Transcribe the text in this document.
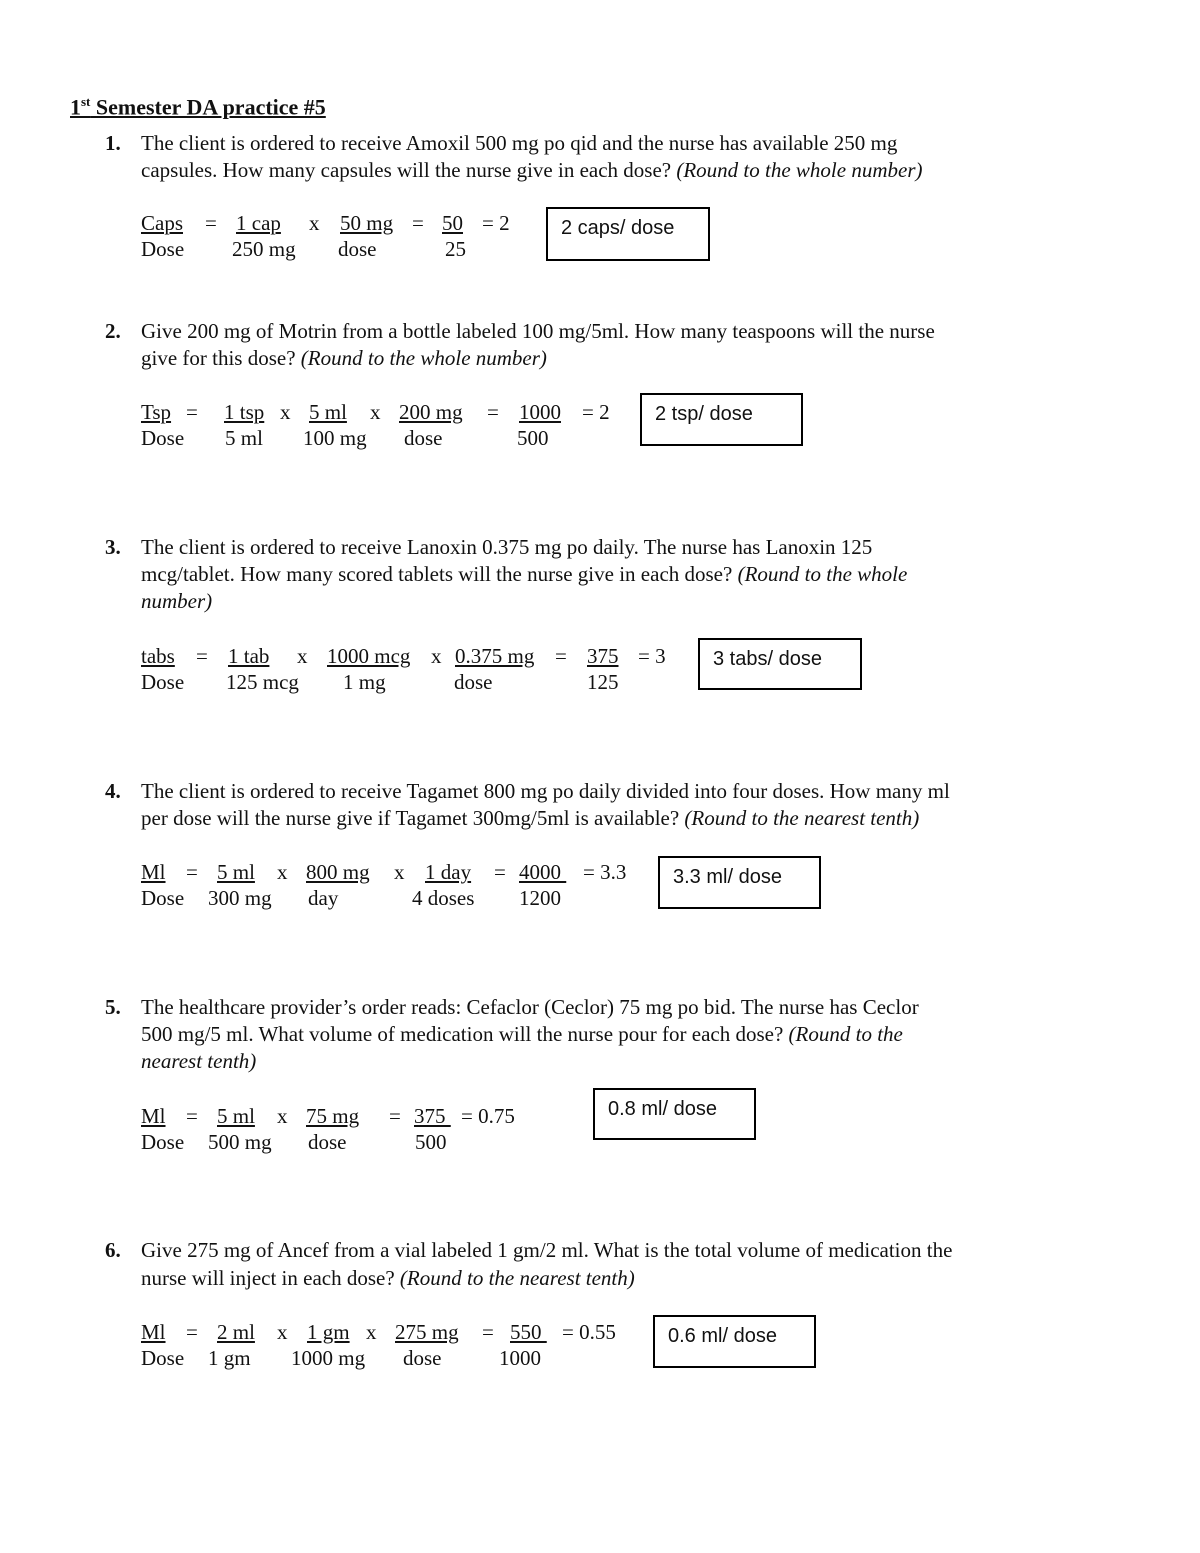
1st Semester DA practice #5
1. The client is ordered to receive Amoxil 500 mg po qid and the nurse has available 250 mg
capsules. How many capsules will the nurse give in each dose? (Round to the whole number)
Caps = 1 cap x 50 mg = 50 = 2
Dose 250 mg dose	25
2 caps/ dose
2. Give 200 mg of Motrin from a bottle labeled 100 mg/5ml. How many teaspoons will the nurse
give for this dose? (Round to the whole number)
Tsp = 1 tsp x 5 ml x 200 mg = 1000 = 2
Dose 5 ml 100 mg dose	500
2 tsp/ dose
3. The client is ordered to receive Lanoxin 0.375 mg po daily. The nurse has Lanoxin 125
mcg/tablet. How many scored tablets will the nurse give in each dose? (Round to the whole
number)
tabs = 1 tab x 1000 mcg x 0.375 mg = 375 = 3
Dose 125 mcg 1 mg	dose	125
3 tabs/ dose
4. The client is ordered to receive Tagamet 800 mg po daily divided into four doses. How many ml
per dose will the nurse give if Tagamet 300mg/5ml is available? (Round to the nearest tenth)
Ml = 5 ml x 800 mg x 1 day = 4000 = 3.3
Dose 300 mg day	4 doses 1200
3.3 ml/ dose
5. The healthcare provider’s order reads: Cefaclor (Ceclor) 75 mg po bid. The nurse has Ceclor
500 mg/5 ml. What volume of medication will the nurse pour for each dose? (Round to the
nearest tenth)
Ml = 5 ml x 75 mg = 375 = 0.75
Dose 500 mg dose	500
0.8 ml/ dose
6. Give 275 mg of Ancef from a vial labeled 1 gm/2 ml. What is the total volume of medication the
nurse will inject in each dose? (Round to the nearest tenth)
Ml = 2 ml x 1 gm x 275 mg = 550 = 0.55
Dose 1 gm 1000 mg dose	1000
0.6 ml/ dose
